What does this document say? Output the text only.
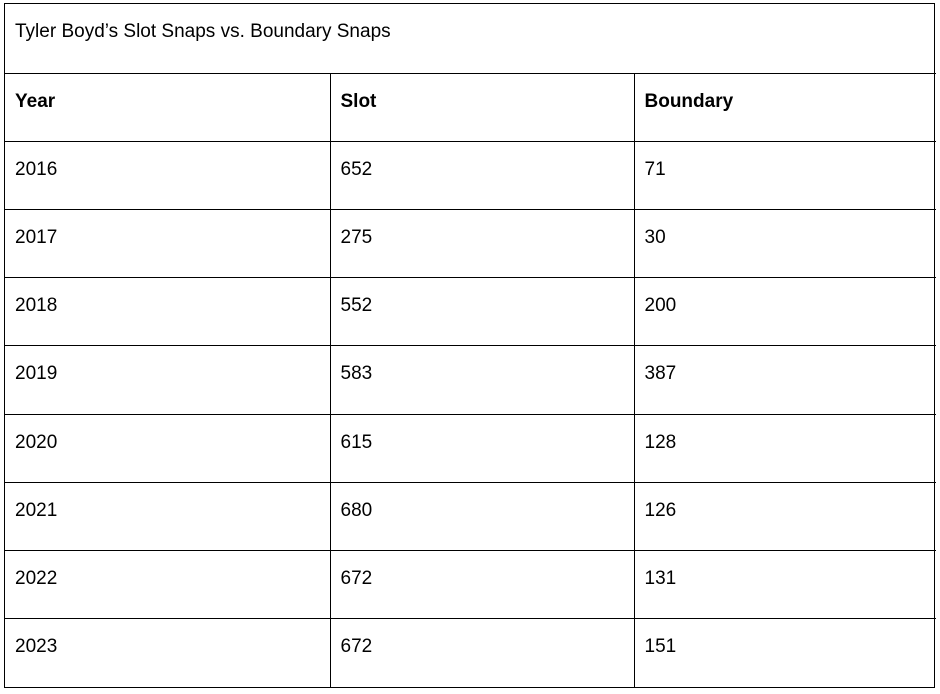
Tyler Boyd’s Slot Snaps vs. Boundary Snaps		
Year	Slot	Boundary
2016	652	71
2017	275	30
2018	552	200
2019	583	387
2020	615	128
2021	680	126
2022	672	131
2023	672	151
